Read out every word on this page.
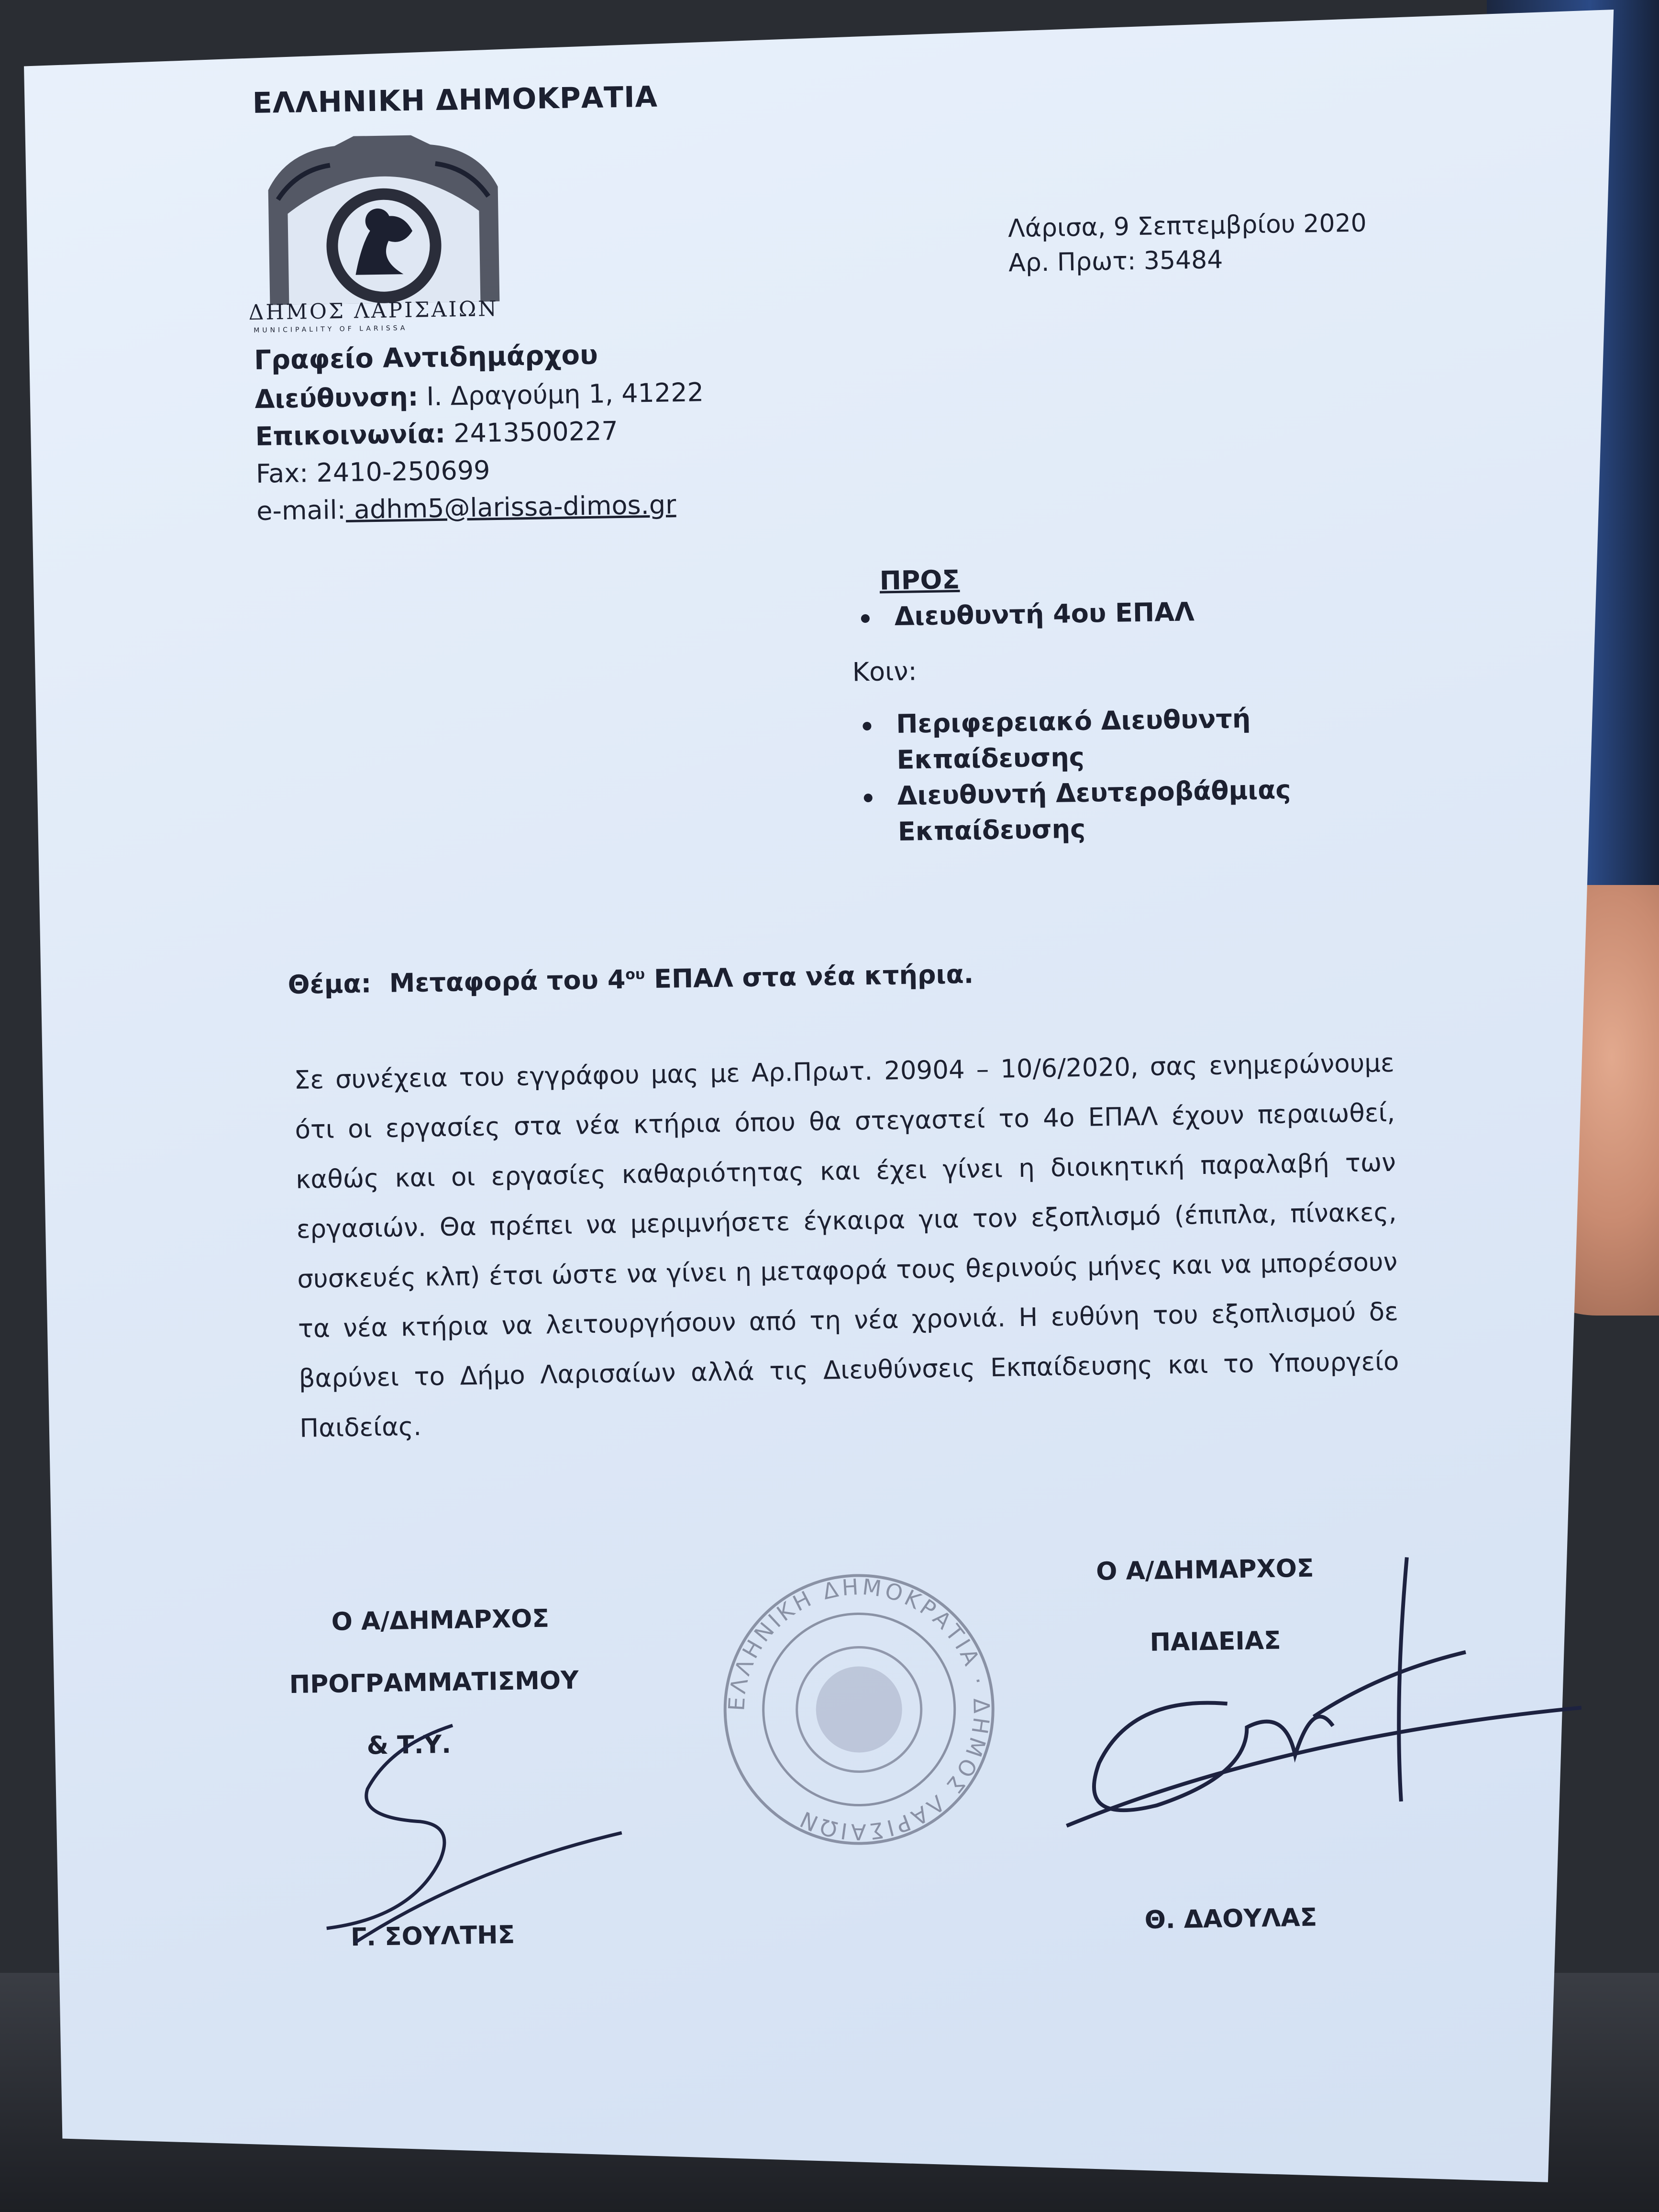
ΕΛΛΗΝΙΚΗ ΔΗΜΟΚΡΑΤΙΑ
ΔΗΜΟΣ ΛΑΡΙΣΑΙΩΝ
MUNICIPALITY OF LARISSA
Γραφείο Αντιδημάρχου
Διεύθυνση: Ι. Δραγούμη 1, 41222
Επικοινωνία: 2413500227
Fax: 2410-250699
e-mail: adhm5@larissa-dimos.gr
Λάρισα, 9 Σεπτεμβρίου 2020
Αρ. Πρωτ: 35484
ΠΡΟΣ
Διευθυντή 4ου ΕΠΑΛ
Κοιν:
Περιφερειακό Διευθυντή
Εκπαίδευσης
Διευθυντή Δευτεροβάθμιας
Εκπαίδευσης
Θέμα: Μεταφορά του $4^{o\upsilon}$ ΕΠΑΛ στα νέα κτήρια.
Σε συνέχεια του εγγράφου μας με Αρ.Πρωτ. 20904 – 10/6/2020, σας ενημερώνουμε ότι οι εργασίες στα νέα κτήρια όπου θα στεγαστεί το 4ο ΕΠΑΛ έχουν περαιωθεί, καθώς και οι εργασίες καθαριότητας και έχει γίνει η διοικητική παραλαβή των εργασιών. Θα πρέπει να μεριμνήσετε έγκαιρα για τον εξοπλισμό (έπιπλα, πίνακες, συσκευές κλπ) έτσι ώστε να γίνει η μεταφορά τους θερινούς μήνες και να μπορέσουν τα νέα κτήρια να λειτουργήσουν από τη νέα χρονιά. Η ευθύνη του εξοπλισμού δε βαρύνει το Δήμο Λαρισαίων αλλά τις Διευθύνσεις Εκπαίδευσης και το Υπουργείο Παιδείας.
Ο Α/ΔΗΜΑΡΧΟΣ
ΠΡΟΓΡΑΜΜΑΤΙΣΜΟΥ
& Τ.Υ.
Γ. ΣΟΥΛΤΗΣ
ΕΛΛΗΝΙΚΗ ΔΗΜΟΚΡΑΤΙΑ · ΔΗΜΟΣ ΛΑΡΙΣΑΙΩΝ
Ο Α/ΔΗΜΑΡΧΟΣ
ΠΑΙΔΕΙΑΣ
Θ. ΔΑΟΥΛΑΣ
